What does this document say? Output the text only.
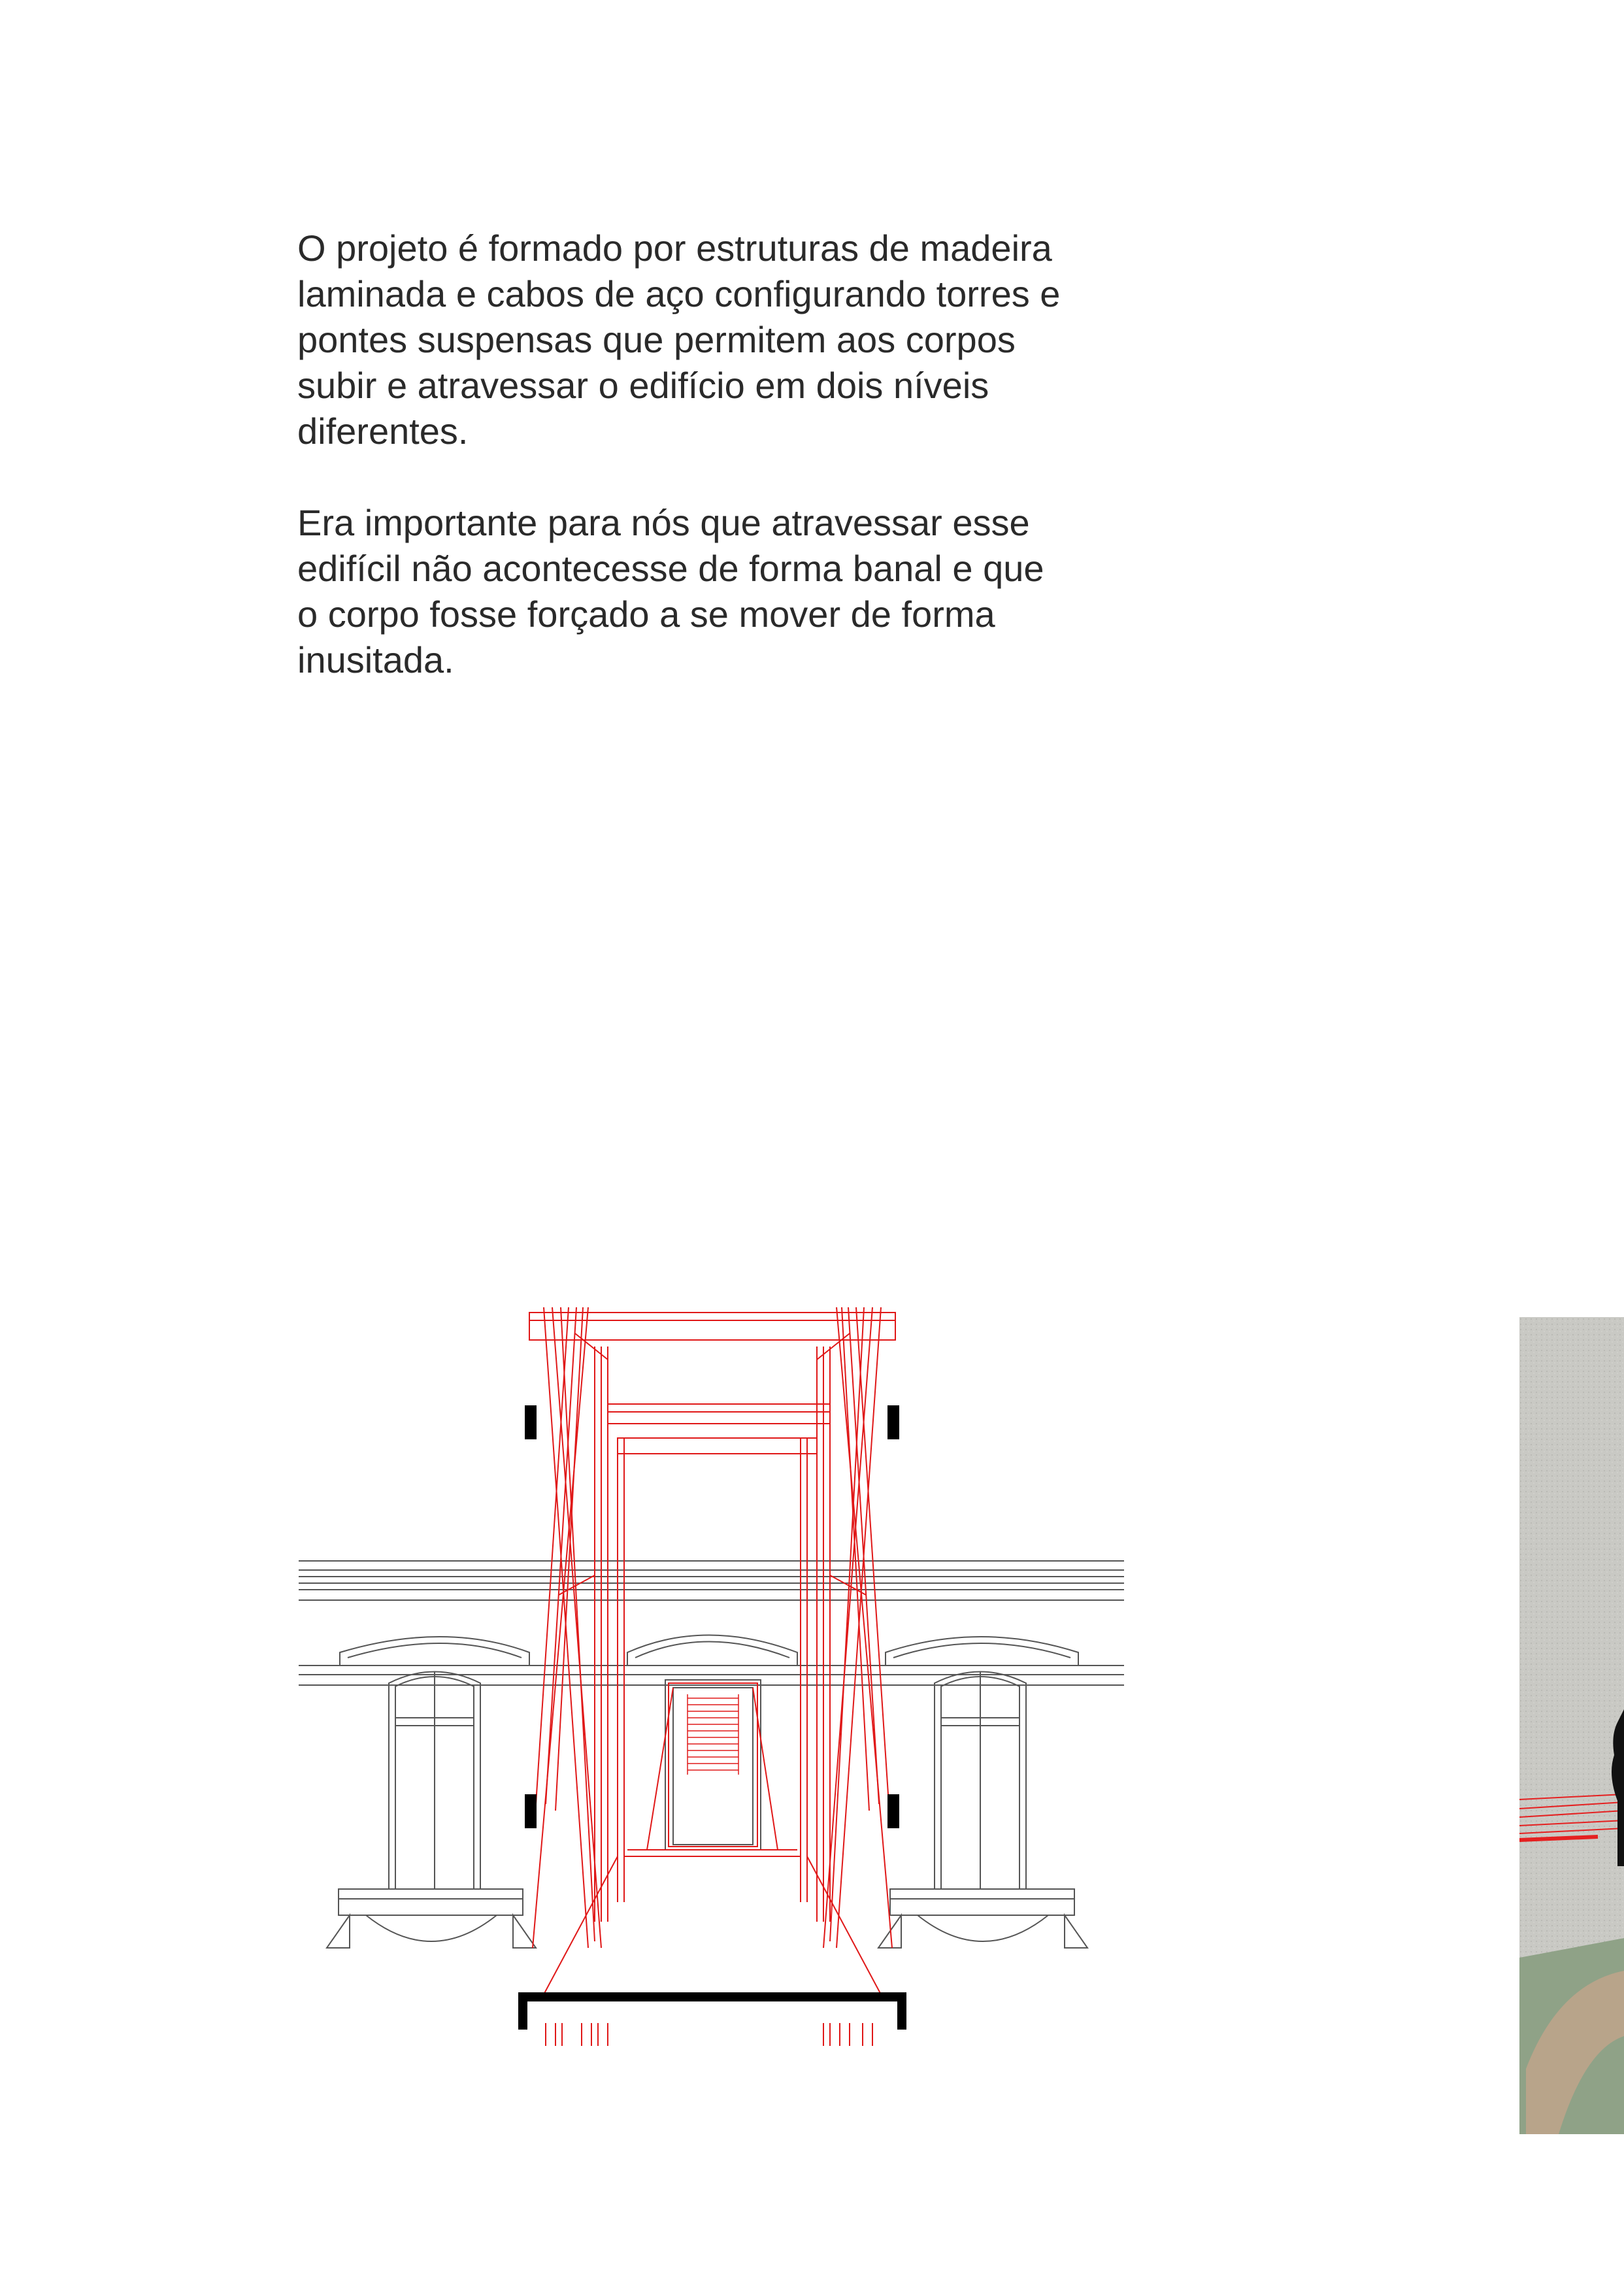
O projeto é formado por estruturas de madeira
laminada e cabos de aço configurando torres e
pontes suspensas que permitem aos corpos
subir e atravessar o edifício em dois níveis
diferentes.

Era importante para nós que atravessar esse
edifícil não acontecesse de forma banal e que
o corpo fosse forçado a se mover de forma
inusitada.
